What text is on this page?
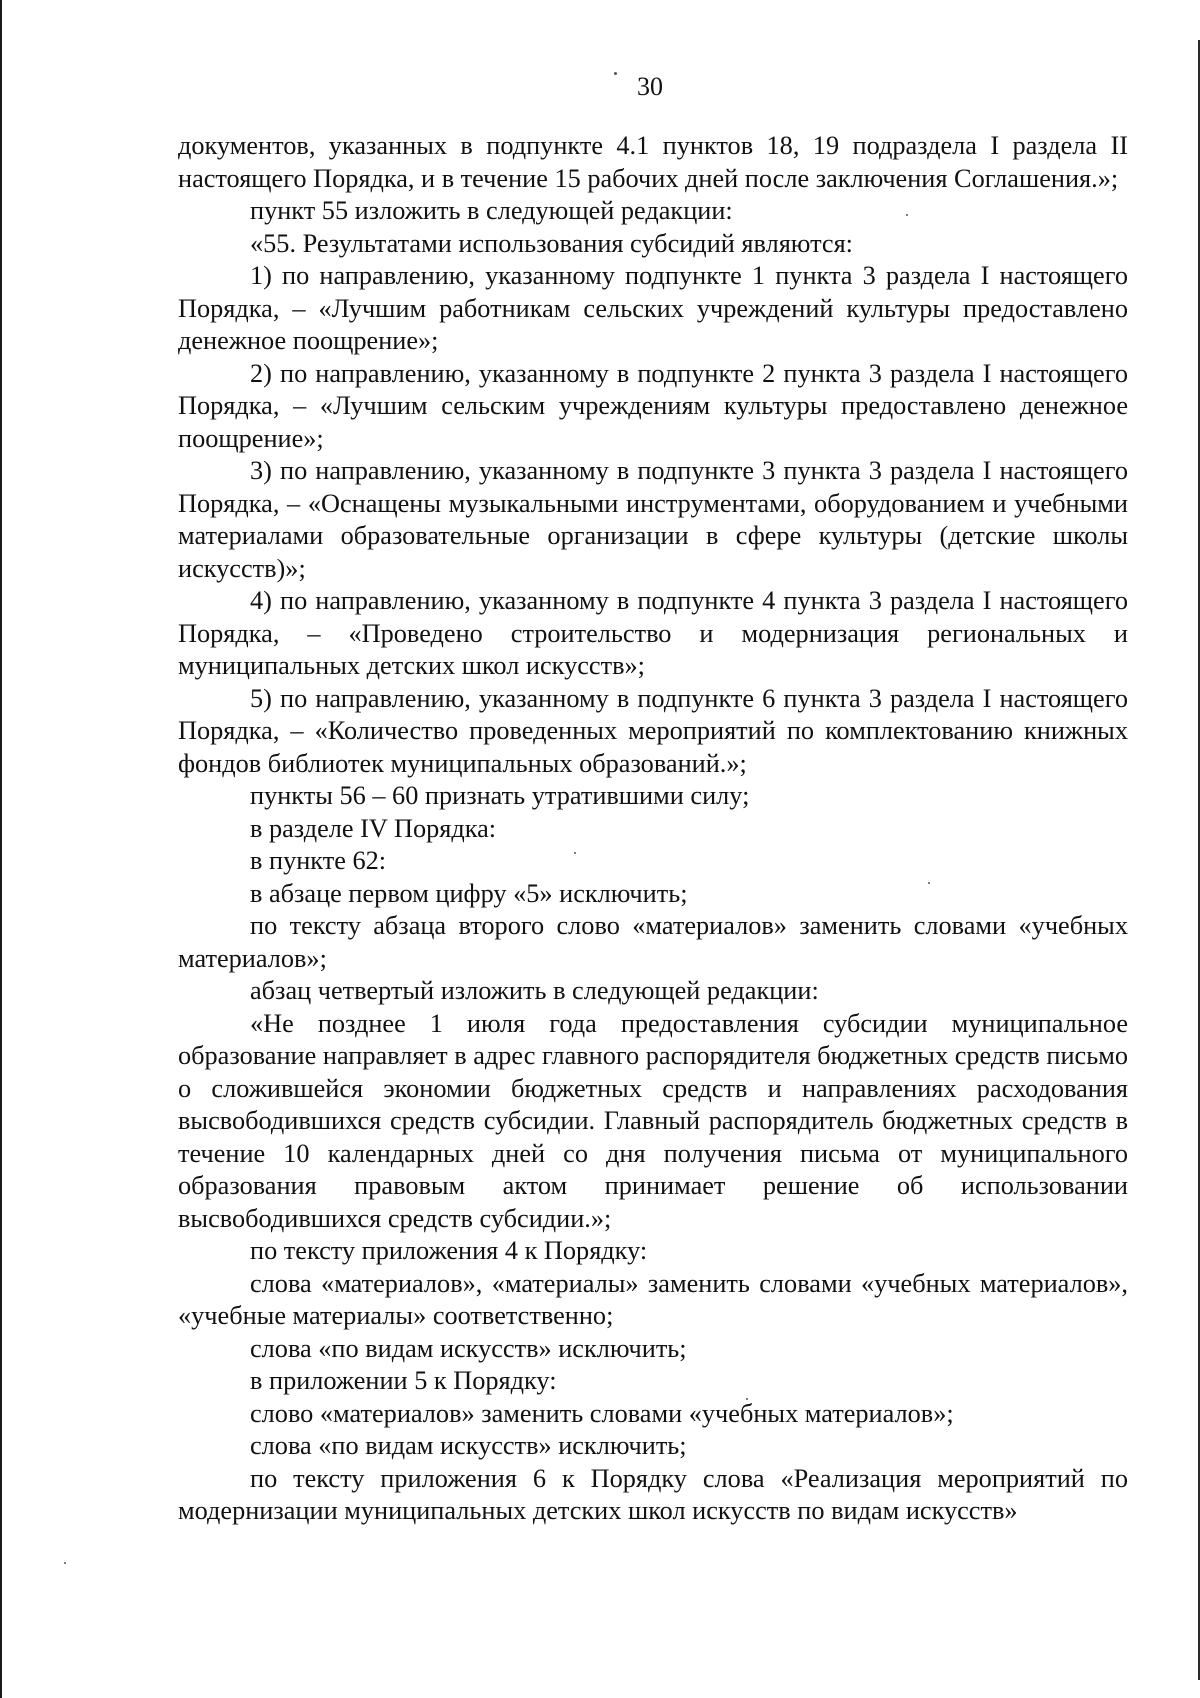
30

документов, указанных в подпункте 4.1 пунктов 18, 19 подраздела I раздела II настоящего Порядка, и в течение 15 рабочих дней после заключения Соглашения.»;

пункт 55 изложить в следующей редакции:

«55. Результатами использования субсидий являются:

1) по направлению, указанному подпункте 1 пункта 3 раздела I настоящего Порядка, – «Лучшим работникам сельских учреждений культуры предоставлено денежное поощрение»;

2) по направлению, указанному в подпункте 2 пункта 3 раздела I настоящего Порядка, – «Лучшим сельским учреждениям культуры предоставлено денежное поощрение»;

3) по направлению, указанному в подпункте 3 пункта 3 раздела I настоящего Порядка, – «Оснащены музыкальными инструментами, оборудованием и учебными материалами образовательные организации в сфере культуры (детские школы искусств)»;

4) по направлению, указанному в подпункте 4 пункта 3 раздела I настоящего Порядка, – «Проведено строительство и модернизация региональных и муниципальных детских школ искусств»;

5) по направлению, указанному в подпункте 6 пункта 3 раздела I настоящего Порядка, – «Количество проведенных мероприятий по комплектованию книжных фондов библиотек муниципальных образований.»;

пункты 56 – 60 признать утратившими силу;

в разделе IV Порядка:

в пункте 62:

в абзаце первом цифру «5» исключить;

по тексту абзаца второго слово «материалов» заменить словами «учебных материалов»;

абзац четвертый изложить в следующей редакции:

«Не позднее 1 июля года предоставления субсидии муниципальное образование направляет в адрес главного распорядителя бюджетных средств письмо о сложившейся экономии бюджетных средств и направлениях расходования высвободившихся средств субсидии. Главный распорядитель бюджетных средств в течение 10 календарных дней со дня получения письма от муниципального образования правовым актом принимает решение об использовании высвободившихся средств субсидии.»;

по тексту приложения 4 к Порядку:

слова «материалов», «материалы» заменить словами «учебных материалов», «учебные материалы» соответственно;

слова «по видам искусств» исключить;

в приложении 5 к Порядку:

слово «материалов» заменить словами «учебных материалов»;

слова «по видам искусств» исключить;

по тексту приложения 6 к Порядку слова «Реализация мероприятий по модернизации муниципальных детских школ искусств по видам искусств»
